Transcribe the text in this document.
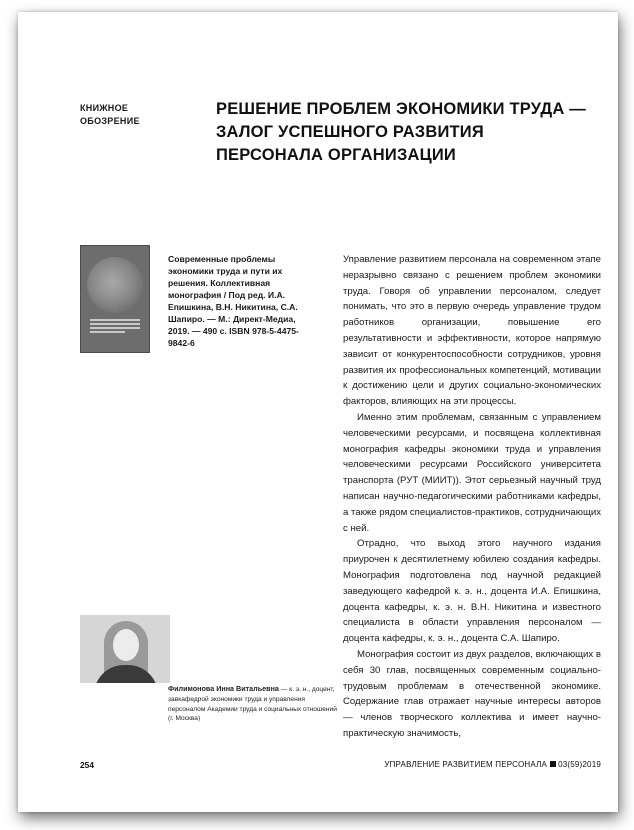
КНИЖНОЕ
ОБОЗРЕНИЕ
РЕШЕНИЕ ПРОБЛЕМ ЭКОНОМИКИ ТРУДА — ЗАЛОГ УСПЕШНОГО РАЗВИТИЯ ПЕРСОНАЛА ОРГАНИЗАЦИИ
Современные проблемы экономики труда и пути их решения. Коллективная монография / Под ред. И.А. Епишкина, В.Н. Никитина, С.А. Шапиро. — М.: Директ-Медиа, 2019. — 490 с. ISBN 978-5-4475-9842-6
Филимонова Инна Витальевна — к. э. н., доцент, завкафедрой экономики труда и управления персоналом Академии труда и социальных отношений (г. Москва)

Управление развитием персонала на современном этапе неразрывно связано с решением проблем экономики труда. Говоря об управлении персоналом, следует понимать, что это в первую очередь управление трудом работников организации, повышение его результативности и эффективности, которое напрямую зависит от конкурентоспособности сотрудников, уровня развития их профессиональных компетенций, мотивации к достижению цели и других социально-экономических факторов, влияющих на эти процессы.

Именно этим проблемам, связанным с управлением человеческими ресурсами, и посвящена коллективная монография кафедры экономики труда и управления человеческими ресурсами Российского университета транспорта (РУТ (МИИТ)). Этот серьезный научный труд написан научно-педагогическими работниками кафедры, а также рядом специалистов-практиков, сотрудничающих с ней.

Отрадно, что выход этого научного издания приурочен к десятилетнему юбилею создания кафедры. Монография подготовлена под научной редакцией заведующего кафедрой к. э. н., доцента И.А. Епишкина, доцента кафедры, к. э. н. В.Н. Никитина и известного специалиста в области управления персоналом — доцента кафедры, к. э. н., доцента С.А. Шапиро.

Монография состоит из двух разделов, включающих в себя 30 глав, посвященных современным социально-трудовым проблемам в отечественной экономике. Содержание глав отражает научные интересы авторов — членов творческого коллектива и имеет научно-практическую значимость,

254	УПРАВЛЕНИЕ РАЗВИТИЕМ ПЕРСОНАЛА 03(59)2019
